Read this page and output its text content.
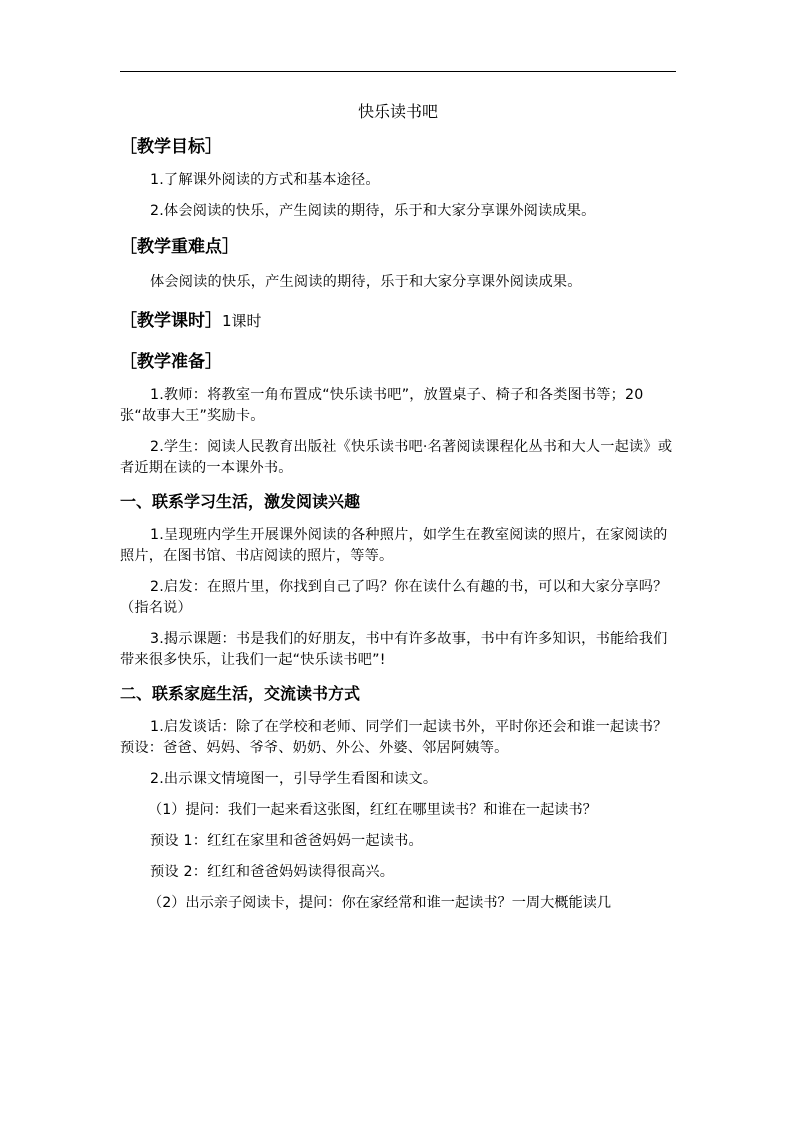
快乐读书吧
［教学目标］

1.了解课外阅读的方式和基本途径。

2.体会阅读的快乐，产生阅读的期待，乐于和大家分享课外阅读成果。

［教学重难点］

体会阅读的快乐，产生阅读的期待，乐于和大家分享课外阅读成果。

［教学课时］1课时
［教学准备］

1.教师：将教室一角布置成“快乐读书吧”，放置桌子、椅子和各类图书等；20张“故事大王”奖励卡。

2.学生：阅读人民教育出版社《快乐读书吧·名著阅读课程化丛书和大人一起读》或者近期在读的一本课外书。

一、联系学习生活，激发阅读兴趣

1.呈现班内学生开展课外阅读的各种照片，如学生在教室阅读的照片，在家阅读的照片，在图书馆、书店阅读的照片，等等。

2.启发：在照片里，你找到自己了吗？你在读什么有趣的书，可以和大家分享吗？（指名说）

3.揭示课题：书是我们的好朋友，书中有许多故事，书中有许多知识，书能给我们带来很多快乐，让我们一起“快乐读书吧”!

二、联系家庭生活，交流读书方式

1.启发谈话：除了在学校和老师、同学们一起读书外，平时你还会和谁一起读书？预设：爸爸、妈妈、爷爷、奶奶、外公、外婆、邻居阿姨等。

2.出示课文情境图一，引导学生看图和读文。

（1）提问：我们一起来看这张图，红红在哪里读书？和谁在一起读书？

预设 1：红红在家里和爸爸妈妈一起读书。

预设 2：红红和爸爸妈妈读得很高兴。

（2）出示亲子阅读卡，提问：你在家经常和谁一起读书？一周大概能读几
